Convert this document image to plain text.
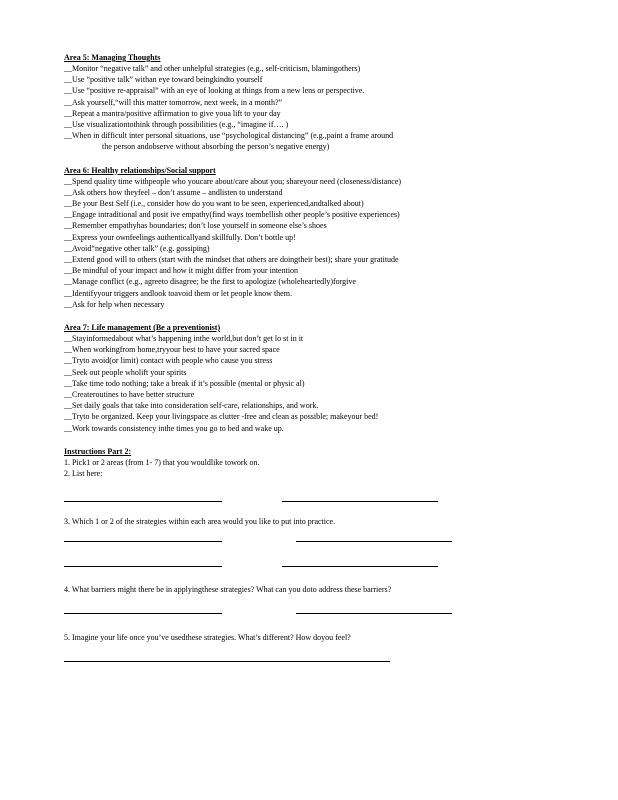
Area 5: Managing Thoughts
__Monitor “negative talk” and other unhelpful strategies (e.g., self-criticism, blamingothers)
__Use “positive talk” withan eye toward beingkindto yourself
__Use “positive re-appraisal” with an eye of looking at things from a new lens or perspective.
__Ask yourself,“will this matter tomorrow, next week, in a month?”
__Repeat a mantra/positive affirmation to give youa lift to your day
__Use visualizationtothink through possibilities (e.g., “imagine if…. )
__When in difficult inter personal situations, use “psychological distancing” (e.g.,paint a frame around
the person andobserve without absorbing the person’s negative energy)
Area 6: Healthy relationships/Social support
__Spend quality time withpeople who youcare about/care about you; shareyour need (closeness/distance)
__Ask others how theyfeel – don’t assume – andlisten to understand
__Be your Best Self (i.e., consider how do you want to be seen, experienced,andtalked about)
__Engage intraditional and posit ive empathy(find ways toembellish other people’s positive experiences)
__Remember empathyhas boundaries; don’t lose yourself in someone else’s shoes
__Express your ownfeelings authenticallyand skillfully. Don’t bottle up!
__Avoid“negative other talk” (e.g. gossiping)
__Extend good will to others (start with the mindset that others are doingtheir best); share your gratitude
__Be mindful of your impact and how it might differ from your intention
__Manage conflict (e.g., agreeto disagree; be the first to apologize (wholeheartedly)forgive
__Identifyyour triggers andlook toavoid them or let people know them.
__Ask for help when necessary
Area 7: Life management (Be a preventionist)
__Stayinformedabout what’s happening inthe world,but don’t get lo st in it
__When workingfrom home,tryyour best to have your sacred space
__Tryto avoid(or limit) contact with people who cause you stress
__Seek out people wholift your spirits
__Take time todo nothing; take a break if it’s possible (mental or physic al)
__Createroutines to have better structure
__Set daily goals that take into consideration self-care, relationships, and work.
__Tryto be organized. Keep your livingspace as clutter -free and clean as possible; makeyour bed!
__Work towards consistency inthe times you go to bed and wake up.
Instructions Part 2:
1. Pick1 or 2 areas (from 1- 7) that you wouldlike towork on.
2. List here:
3. Which 1 or 2 of the strategies within each area would you like to put into practice.
4. What barriers might there be in applyingthese strategies? What can you doto address these barriers?
5. Imagine your life once you’ve usedthese strategies. What’s different? How doyou feel?
